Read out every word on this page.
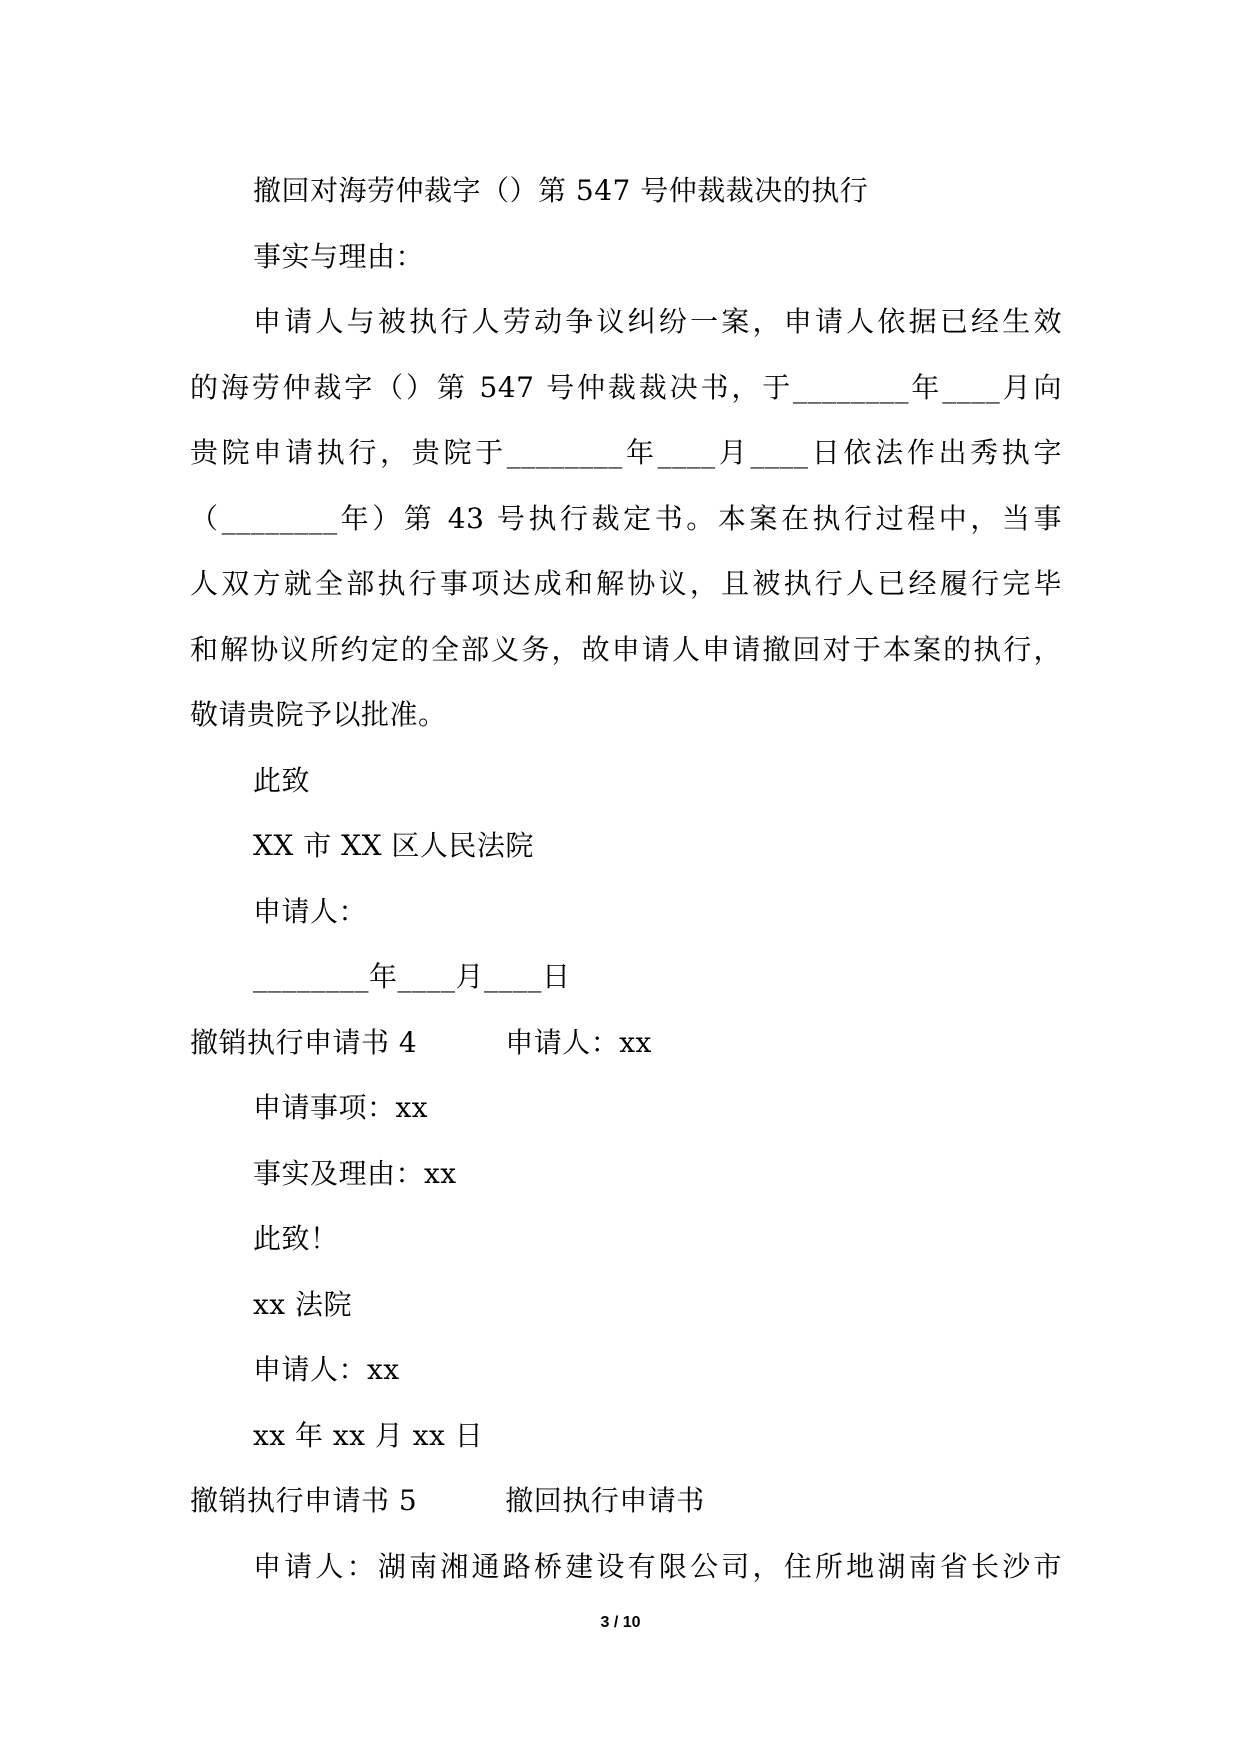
撤回对海劳仲裁字（）第 547 号仲裁裁决的执行
事实与理由：
申请人与被执行人劳动争议纠纷一案，申请人依据已经生效
的海劳仲裁字（）第 547 号仲裁裁决书，于________年____月向
贵院申请执行，贵院于________年____月____日依法作出秀执字
（________年）第 43 号执行裁定书。本案在执行过程中，当事
人双方就全部执行事项达成和解协议，且被执行人已经履行完毕
和解协议所约定的全部义务，故申请人申请撤回对于本案的执行，
敬请贵院予以批准。
此致
XX 市 XX 区人民法院
申请人：
________年____月____日
撤销执行申请书 4	申请人：xx
申请事项：xx
事实及理由：xx
此致！
xx 法院
申请人：xx
xx 年 xx 月 xx 日
撤销执行申请书 5	撤回执行申请书
申请人：湖南湘通路桥建设有限公司，住所地湖南省长沙市
3 / 10
